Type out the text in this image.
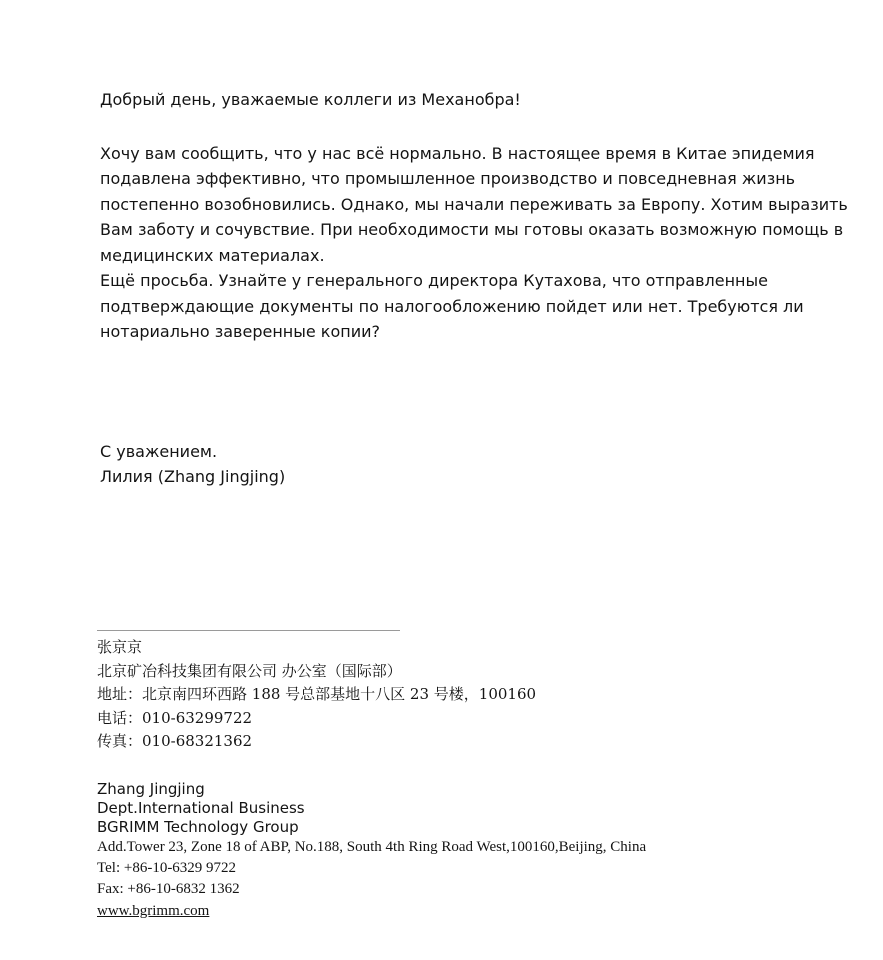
Добрый день, уважаемые коллеги из Механобра!

Хочу вам сообщить, что у нас всё нормально. В настоящее время в Китае эпидемия
подавлена эффективно, что промышленное производство и повседневная жизнь
постепенно возобновились. Однако, мы начали переживать за Европу. Хотим выразить
Вам заботу и сочувствие. При необходимости мы готовы оказать возможную помощь в
медицинских материалах.

Ещё просьба. Узнайте у генерального директора Кутахова, что отправленные
подтверждающие документы по налогообложению пойдет или нет. Требуются ли
нотариально заверенные копии?

С уважением.
Лилия (Zhang Jingjing)
张京京
北京矿冶科技集团有限公司 办公室（国际部）
地址：北京南四环西路 188 号总部基地十八区 23 号楼，100160
电话：010-63299722
传真：010-68321362
Zhang Jingjing
Dept.International Business
BGRIMM Technology Group
Add.Tower 23, Zone 18 of ABP, No.188, South 4th Ring Road West,100160,Beijing, China
Tel: +86-10-6329 9722
Fax: +86-10-6832 1362
www.bgrimm.com
